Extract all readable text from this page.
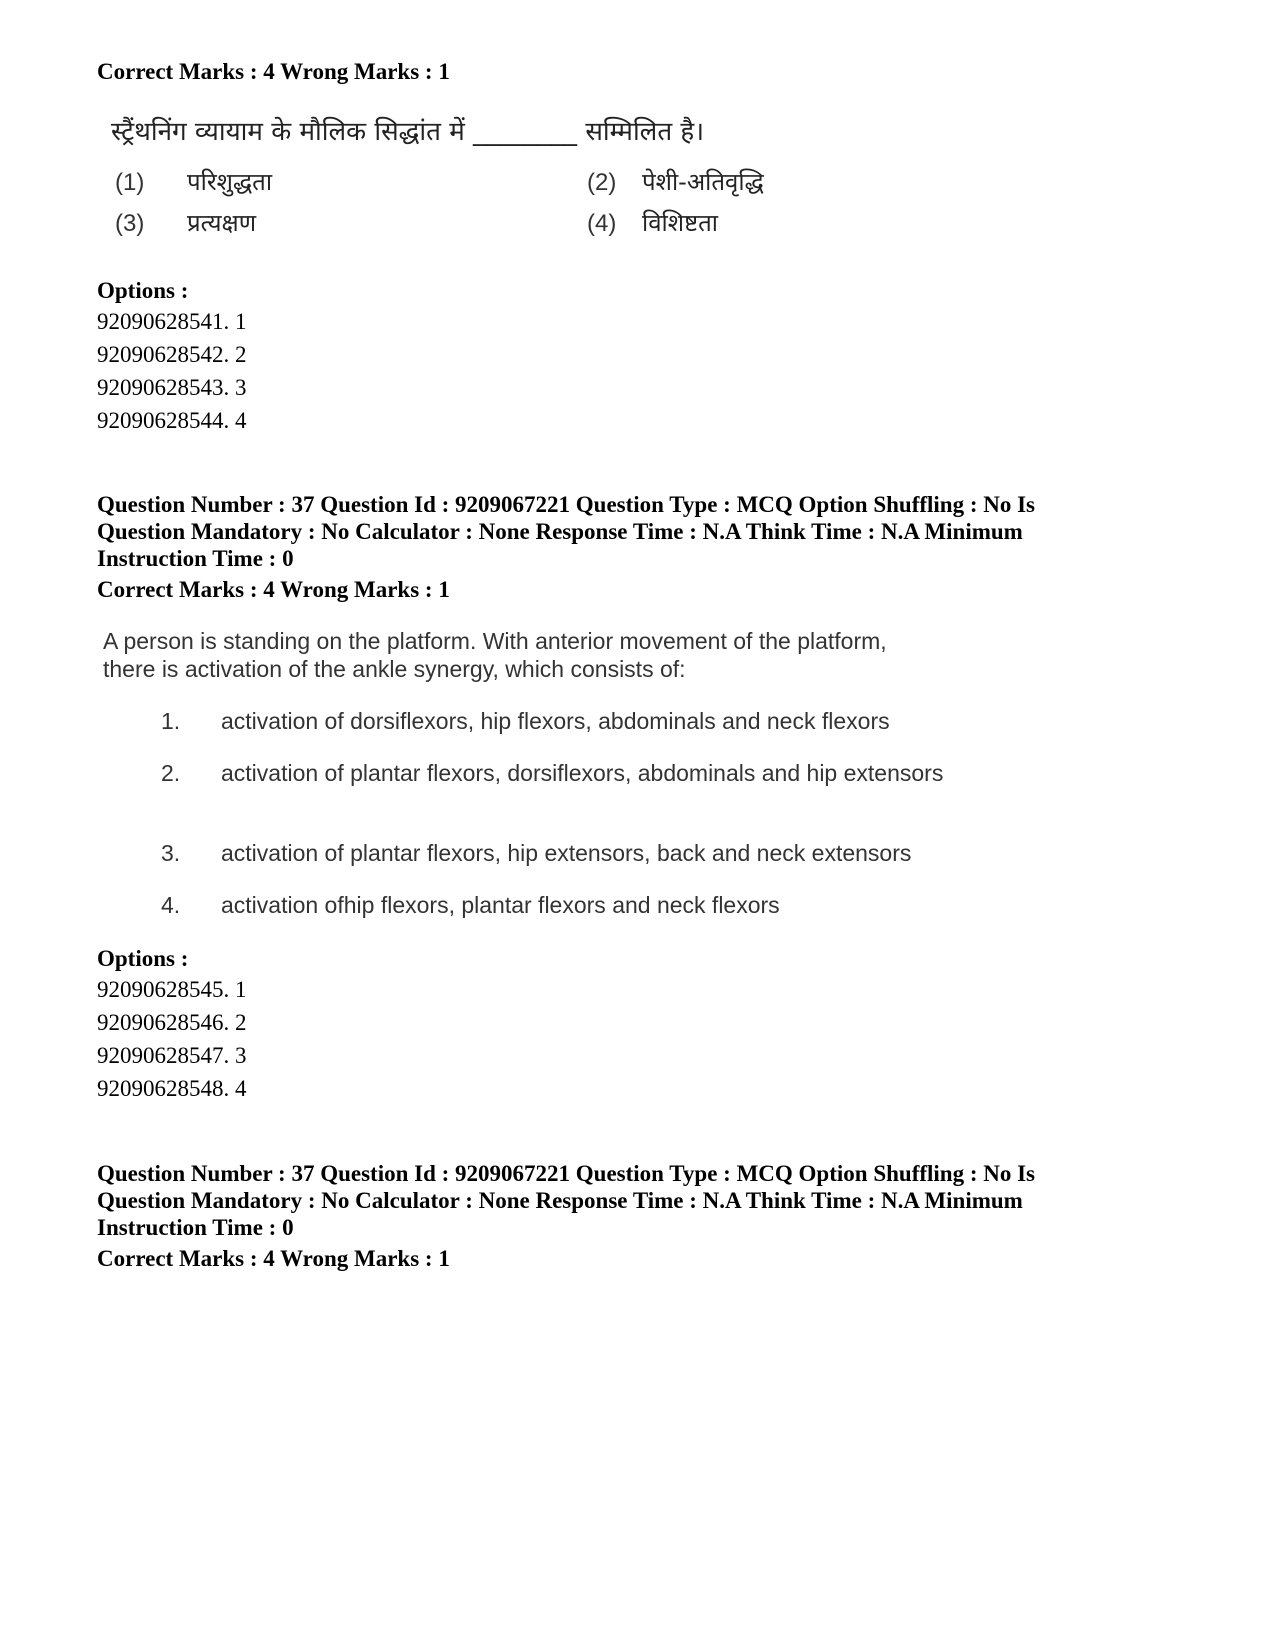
Correct Marks : 4 Wrong Marks : 1
स्ट्रैंथनिंग व्यायाम के मौलिक सिद्धांत में ________ सम्मिलित है।
(1) परिशुद्धता	(2) पेशी-अतिवृद्धि
(3) प्रत्यक्षण	(4) विशिष्टता
Options :
92090628541. 1
92090628542. 2
92090628543. 3
92090628544. 4
Question Number : 37 Question Id : 9209067221 Question Type : MCQ Option Shuffling : No Is
Question Mandatory : No Calculator : None Response Time : N.A Think Time : N.A Minimum
Instruction Time : 0
Correct Marks : 4 Wrong Marks : 1
A person is standing on the platform. With anterior movement of the platform,
there is activation of the ankle synergy, which consists of:
1.	activation of dorsiflexors, hip flexors, abdominals and neck flexors
2.	activation of plantar flexors, dorsiflexors, abdominals and hip extensors
3.	activation of plantar flexors, hip extensors, back and neck extensors
4.	activation ofhip flexors, plantar flexors and neck flexors
Options :
92090628545. 1
92090628546. 2
92090628547. 3
92090628548. 4
Question Number : 37 Question Id : 9209067221 Question Type : MCQ Option Shuffling : No Is
Question Mandatory : No Calculator : None Response Time : N.A Think Time : N.A Minimum
Instruction Time : 0
Correct Marks : 4 Wrong Marks : 1
